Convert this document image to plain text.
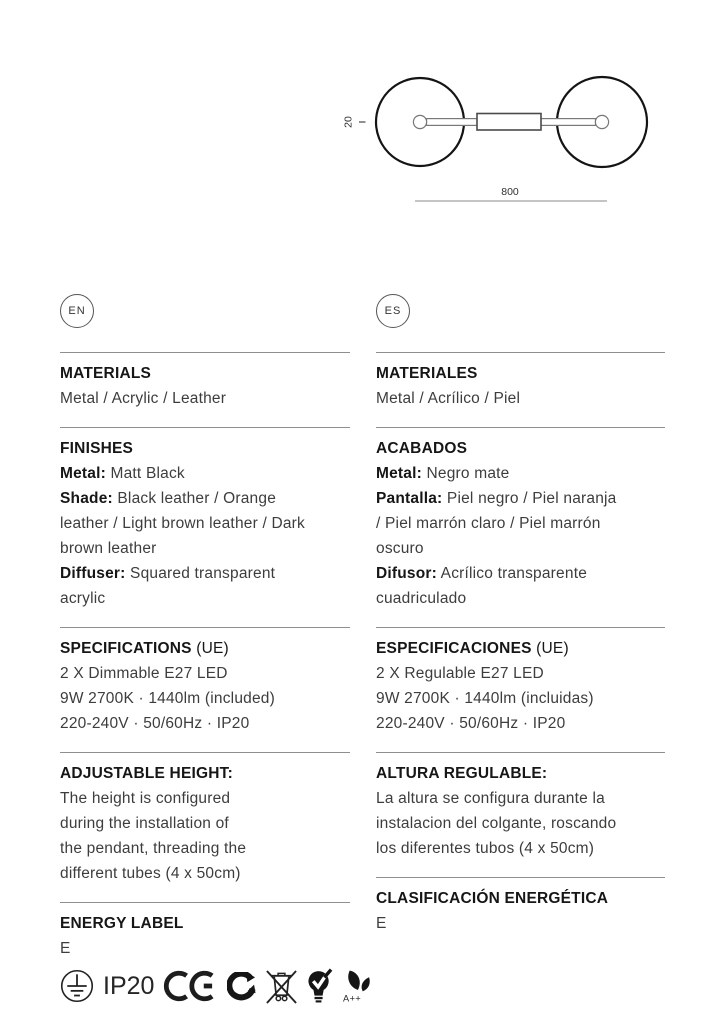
20
800
EN
MATERIALS
Metal / Acrylic / Leather
FINISHES
Metal: Matt Black
Shade: Black leather / Orange
leather / Light brown leather / Dark
brown leather
Diffuser: Squared transparent
acrylic
SPECIFICATIONS (UE)
2 X Dimmable E27 LED
9W 2700K · 1440lm (included)
220-240V · 50/60Hz · IP20
ADJUSTABLE HEIGHT:
The height is configured
during the installation of
the pendant, threading the
different tubes (4 x 50cm)
ENERGY LABEL
E
IP20	A++
ES
MATERIALES
Metal / Acrílico / Piel
ACABADOS
Metal: Negro mate
Pantalla: Piel negro / Piel naranja
/ Piel marrón claro / Piel marrón
oscuro
Difusor: Acrílico transparente
cuadriculado
ESPECIFICACIONES (UE)
2 X Regulable E27 LED
9W 2700K · 1440lm (incluidas)
220-240V · 50/60Hz · IP20
ALTURA REGULABLE:
La altura se configura durante la
instalacion del colgante, roscando
los diferentes tubos (4 x 50cm)
CLASIFICACIÓN ENERGÉTICA
E
